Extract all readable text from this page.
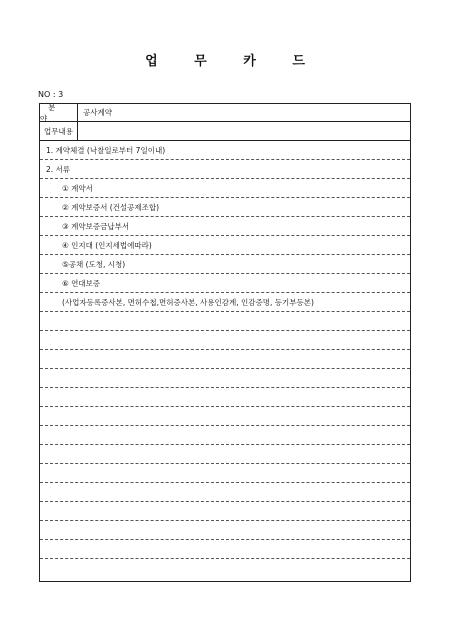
업 무 카 드
NO : 3
분 야
공사계약
업무내용
1. 계약체결 (낙찰일로부터 7일이내)
2. 서류
① 계약서
② 계약보증서 (건설공제조합)
③ 계약보증금납부서
④ 인지대 (인지세법에따라)
⑤공채 (도청, 시청)
⑥ 연대보증
(사업자등록증사본, 면허수첩,면허증사본, 사용인감계, 인감증명, 등기부등본)
